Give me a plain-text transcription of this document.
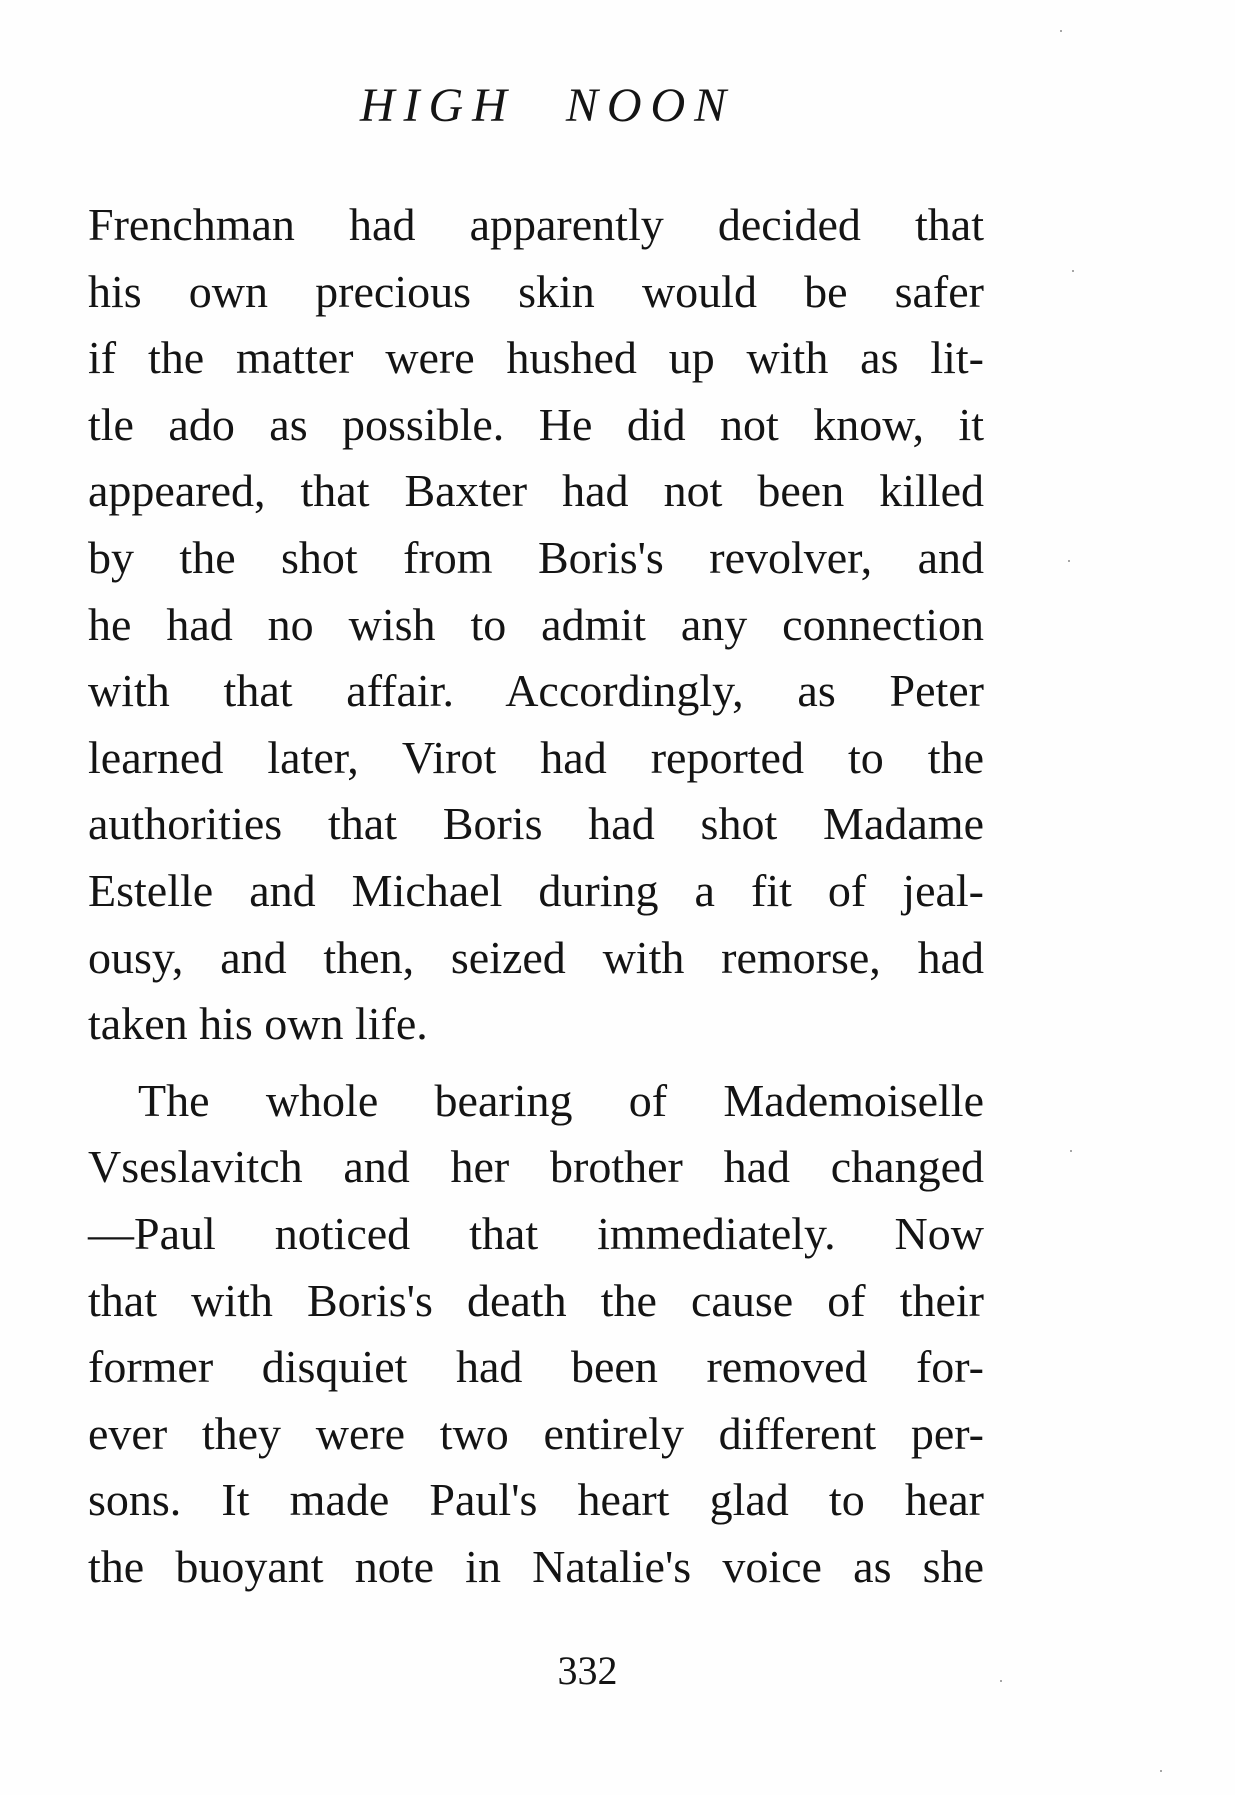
HIGH NOON
Frenchman had apparently decided that
his own precious skin would be safer
if the matter were hushed up with as lit-
tle ado as possible. He did not know, it
appeared, that Baxter had not been killed
by the shot from Boris's revolver, and
he had no wish to admit any connection
with that affair. Accordingly, as Peter
learned later, Virot had reported to the
authorities that Boris had shot Madame
Estelle and Michael during a fit of jeal-
ousy, and then, seized with remorse, had
taken his own life.
The whole bearing of Mademoiselle
Vseslavitch and her brother had changed
—Paul noticed that immediately. Now
that with Boris's death the cause of their
former disquiet had been removed for-
ever they were two entirely different per-
sons. It made Paul's heart glad to hear
the buoyant note in Natalie's voice as she
332
